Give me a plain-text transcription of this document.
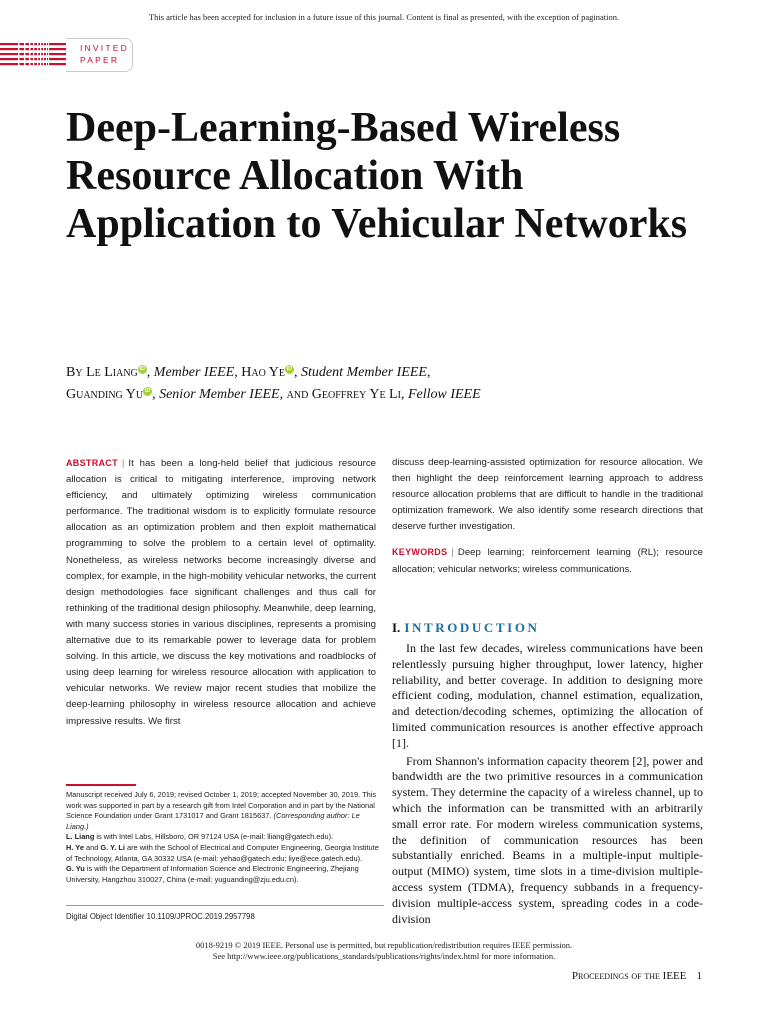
This article has been accepted for inclusion in a future issue of this journal. Content is final as presented, with the exception of pagination.
INVITED
PAPER
Deep-Learning-Based Wireless Resource Allocation With Application to Vehicular Networks
By Le Liang iD , Member IEEE, Hao Ye iD , Student Member IEEE,
Guanding Yu iD , Senior Member IEEE, and Geoffrey Ye Li, Fellow IEEE
ABSTRACT | It has been a long-held belief that judicious resource allocation is critical to mitigating interference, improving network efficiency, and ultimately optimizing wireless communication performance. The traditional wisdom is to explicitly formulate resource allocation as an optimization problem and then exploit mathematical programming to solve the problem to a certain level of optimality. Nonetheless, as wireless networks become increasingly diverse and complex, for example, in the high-mobility vehicular networks, the current design methodologies face significant challenges and thus call for rethinking of the traditional design philosophy. Meanwhile, deep learning, with many success stories in various disciplines, represents a promising alternative due to its remarkable power to leverage data for problem solving. In this article, we discuss the key motivations and roadblocks of using deep learning for wireless resource allocation with application to vehicular networks. We review major recent studies that mobilize the deep-learning philosophy in wireless resource allocation and achieve impressive results. We first
discuss deep-learning-assisted optimization for resource allocation. We then highlight the deep reinforcement learning approach to address resource allocation problems that are difficult to handle in the traditional optimization framework. We also identify some research directions that deserve further investigation.
KEYWORDS | Deep learning; reinforcement learning (RL); resource allocation; vehicular networks; wireless communications.
I. INTRODUCTION

In the last few decades, wireless communications have been relentlessly pursuing higher throughput, lower latency, higher reliability, and better coverage. In addition to designing more efficient coding, modulation, channel estimation, equalization, and detection/decoding schemes, optimizing the allocation of limited communication resources is another effective approach [1].

From Shannon's information capacity theorem [2], power and bandwidth are the two primitive resources in a communication system. They determine the capacity of a wireless channel, up to which the information can be transmitted with an arbitrarily small error rate. For modern wireless communication systems, the definition of communication resources has been substantially enriched. Beams in a multiple-input multiple-output (MIMO) system, time slots in a time-division multiple-access system (TDMA), frequency subbands in a frequency-division multiple-access system, spreading codes in a code-division

Manuscript received July 6, 2019; revised October 1, 2019; accepted November 30, 2019. This work was supported in part by a research gift from Intel Corporation and in part by the National Science Foundation under Grant 1731017 and Grant 1815637. (Corresponding author: Le Liang.)
L. Liang is with Intel Labs, Hillsboro, OR 97124 USA (e-mail: lliang@gatech.edu).
H. Ye and G. Y. Li are with the School of Electrical and Computer Engineering, Georgia Institute of Technology, Atlanta, GA 30332 USA (e-mail: yehao@gatech.edu; liye@ece.gatech.edu).
G. Yu is with the Department of Information Science and Electronic Engineering, Zhejiang University, Hangzhou 310027, China (e-mail: yuguanding@zju.edu.cn).
Digital Object Identifier 10.1109/JPROC.2019.2957798
0018-9219 © 2019 IEEE. Personal use is permitted, but republication/redistribution requires IEEE permission.
See http://www.ieee.org/publications_standards/publications/rights/index.html for more information.
Proceedings of the IEEE 1
